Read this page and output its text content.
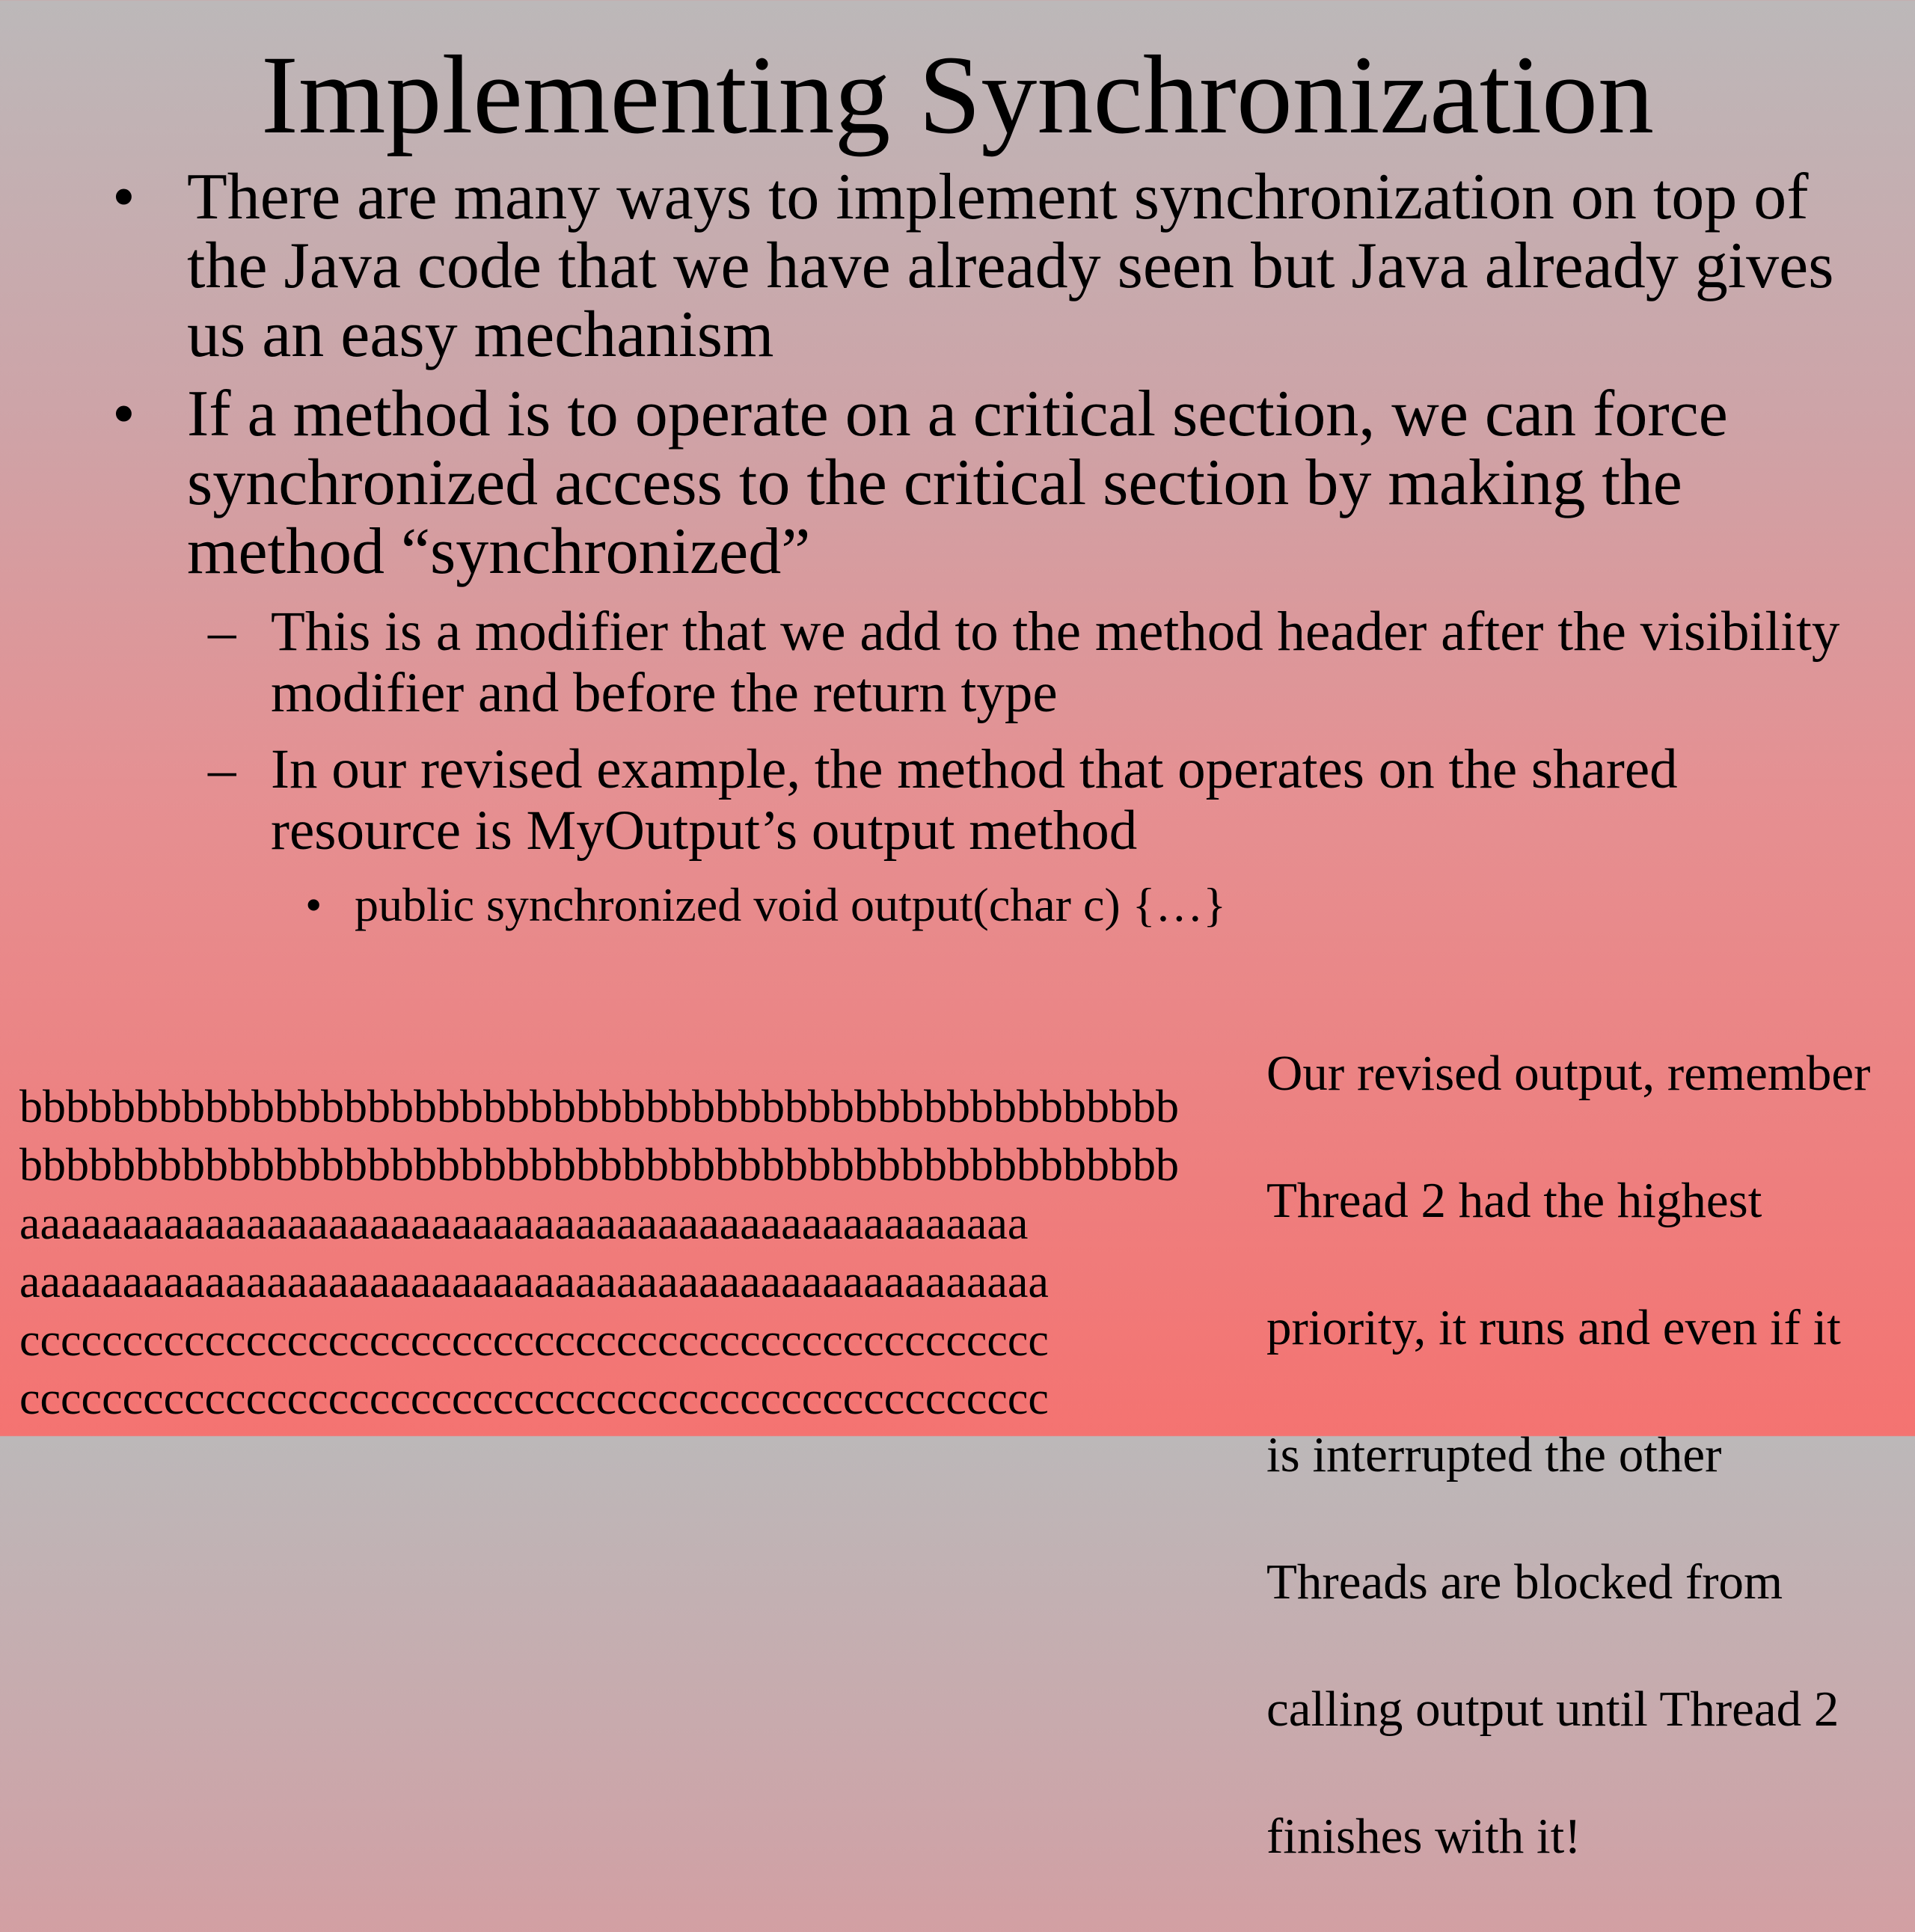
Implementing Synchronization
• There are many ways to implement synchronization on top of the Java code that we have already seen but Java already gives us an easy mechanism
• If a method is to operate on a critical section, we can force synchronized access to the critical section by making the method “synchronized”
– This is a modifier that we add to the method header after the visibility modifier and before the return type
– In our revised example, the method that operates on the shared resource is MyOutput’s output method
• public synchronized void output(char c) {…}
bbbbbbbbbbbbbbbbbbbbbbbbbbbbbbbbbbbbbbbbbbbbbbbbbb
bbbbbbbbbbbbbbbbbbbbbbbbbbbbbbbbbbbbbbbbbbbbbbbbbb
aaaaaaaaaaaaaaaaaaaaaaaaaaaaaaaaaaaaaaaaaaaaaaaaa
aaaaaaaaaaaaaaaaaaaaaaaaaaaaaaaaaaaaaaaaaaaaaaaaaa
cccccccccccccccccccccccccccccccccccccccccccccccccc
cccccccccccccccccccccccccccccccccccccccccccccccccc

Our revised output, remember

Thread 2 had the highest

priority, it runs and even if it

is interrupted the other

Threads are blocked from

calling output until Thread 2

finishes with it!
